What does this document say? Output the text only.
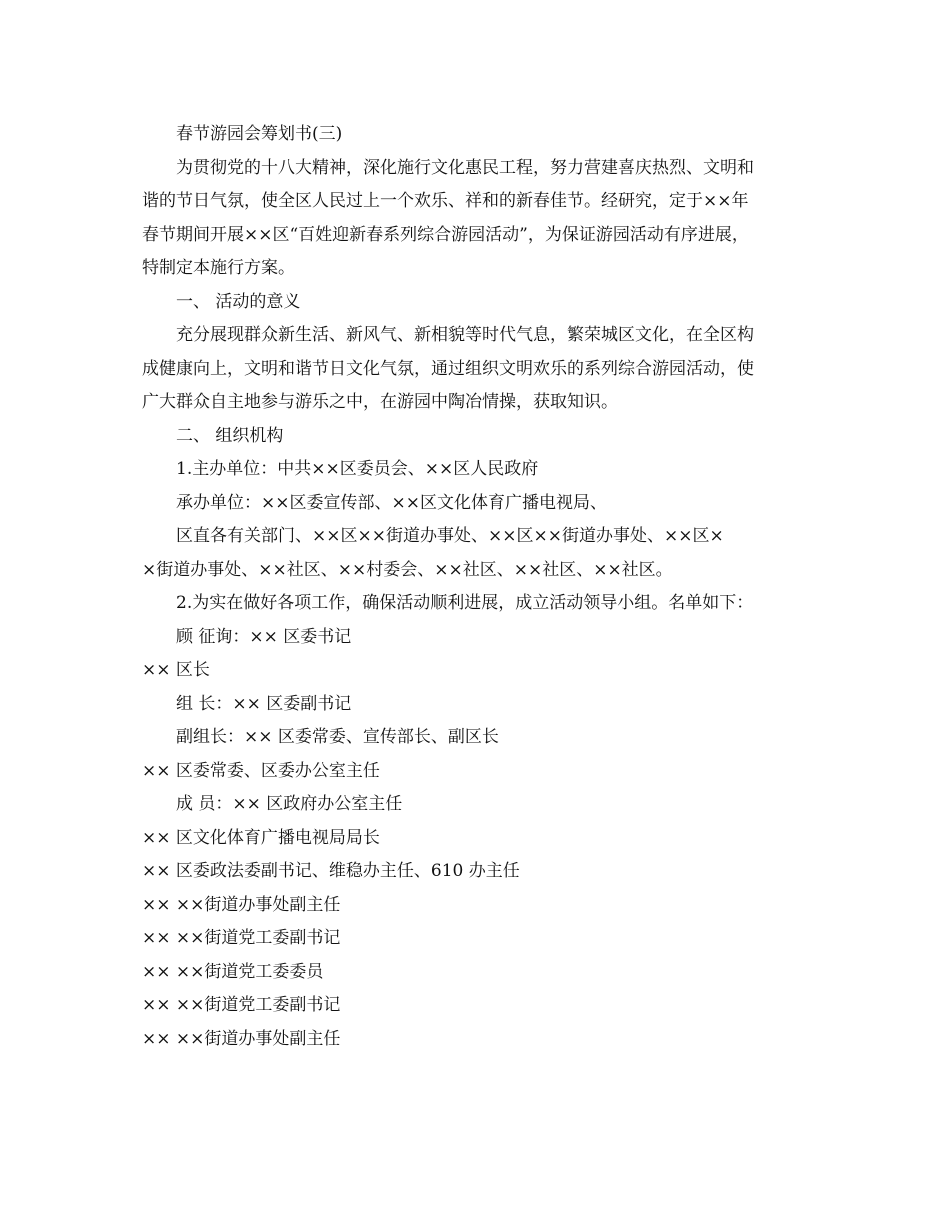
春节游园会筹划书(三)
为贯彻党的十八大精神，深化施行文化惠民工程，努力营建喜庆热烈、文明和
谐的节日气氛，使全区人民过上一个欢乐、祥和的新春佳节。经研究，定于××年
春节期间开展××区“百姓迎新春系列综合游园活动”，为保证游园活动有序进展，
特制定本施行方案。
一、 活动的意义
充分展现群众新生活、新风气、新相貌等时代气息，繁荣城区文化，在全区构
成健康向上，文明和谐节日文化气氛，通过组织文明欢乐的系列综合游园活动，使
广大群众自主地参与游乐之中，在游园中陶冶情操，获取知识。
二、 组织机构
1.主办单位：中共××区委员会、××区人民政府
承办单位：××区委宣传部、××区文化体育广播电视局、
区直各有关部门、××区××街道办事处、××区××街道办事处、××区×
×街道办事处、××社区、××村委会、××社区、××社区、××社区。
2.为实在做好各项工作，确保活动顺利进展，成立活动领导小组。名单如下：
顾 征询：×× 区委书记
×× 区长
组 长：×× 区委副书记
副组长：×× 区委常委、宣传部长、副区长
×× 区委常委、区委办公室主任
成 员：×× 区政府办公室主任
×× 区文化体育广播电视局局长
×× 区委政法委副书记、维稳办主任、610 办主任
×× ××街道办事处副主任
×× ××街道党工委副书记
×× ××街道党工委委员
×× ××街道党工委副书记
×× ××街道办事处副主任
